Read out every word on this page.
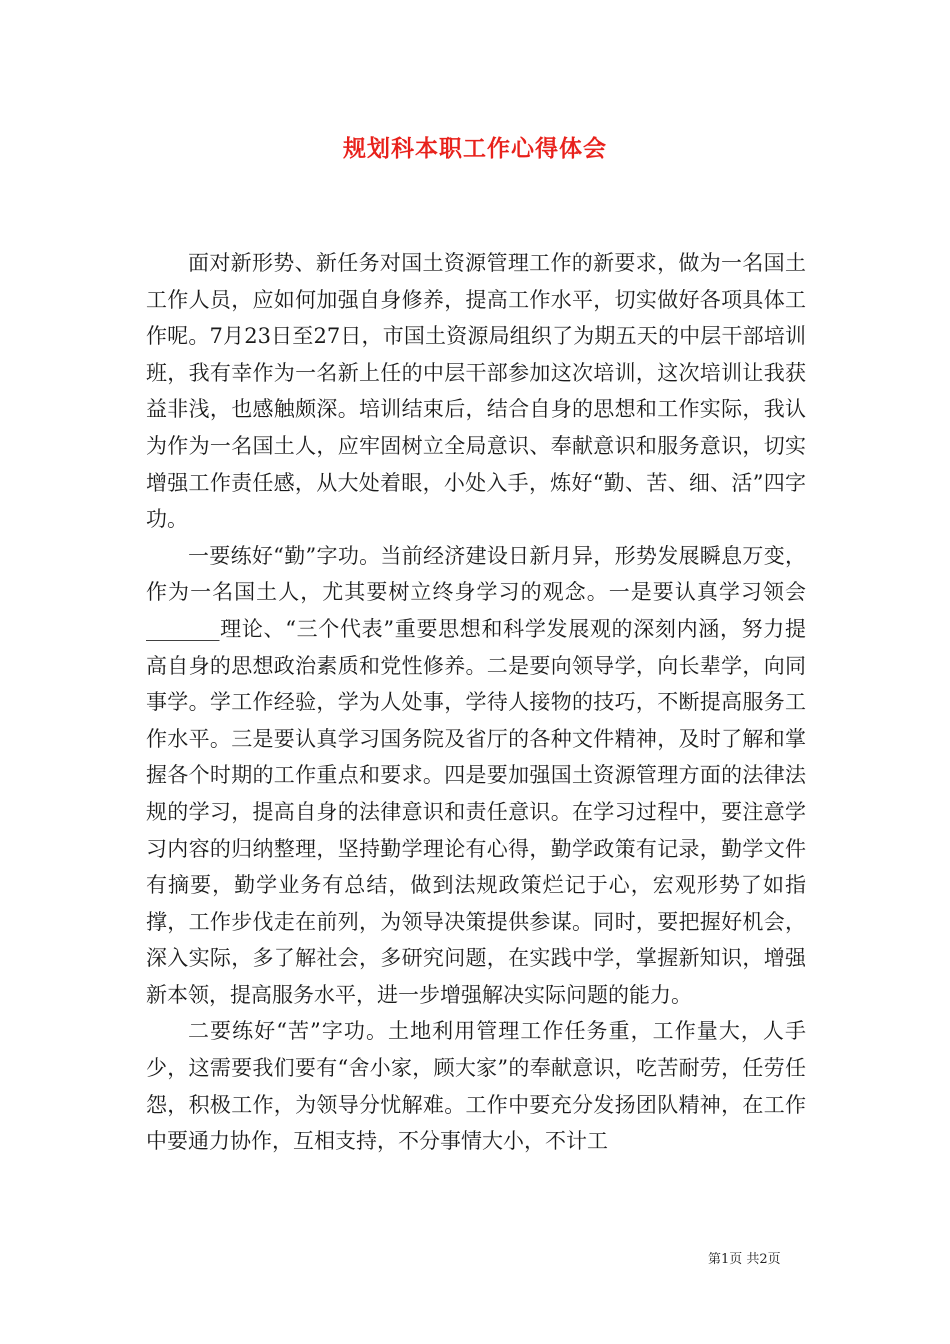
规划科本职工作心得体会

面对新形势、新任务对国土资源管理工作的新要求，做为一名国土工作人员，应如何加强自身修养，提高工作水平，切实做好各项具体工作呢。7月23日至27日，市国土资源局组织了为期五天的中层干部培训班，我有幸作为一名新上任的中层干部参加这次培训，这次培训让我获益非浅，也感触颇深。培训结束后，结合自身的思想和工作实际，我认为作为一名国土人，应牢固树立全局意识、奉献意识和服务意识，切实增强工作责任感，从大处着眼，小处入手，炼好“勤、苦、细、活”四字功。

一要练好“勤”字功。当前经济建设日新月异，形势发展瞬息万变，作为一名国土人，尤其要树立终身学习的观念。一是要认真学习领会_______理论、“三个代表”重要思想和科学发展观的深刻内涵，努力提高自身的思想政治素质和党性修养。二是要向领导学，向长辈学，向同事学。学工作经验，学为人处事，学待人接物的技巧，不断提高服务工作水平。三是要认真学习国务院及省厅的各种文件精神，及时了解和掌握各个时期的工作重点和要求。四是要加强国土资源管理方面的法律法规的学习，提高自身的法律意识和责任意识。在学习过程中，要注意学习内容的归纳整理，坚持勤学理论有心得，勤学政策有记录，勤学文件有摘要，勤学业务有总结，做到法规政策烂记于心，宏观形势了如指撑，工作步伐走在前列，为领导决策提供参谋。同时，要把握好机会，深入实际，多了解社会，多研究问题，在实践中学，掌握新知识，增强新本领，提高服务水平，进一步增强解决实际问题的能力。

二要练好“苦”字功。土地利用管理工作任务重，工作量大，人手少，这需要我们要有“舍小家，顾大家”的奉献意识，吃苦耐劳，任劳任怨，积极工作，为领导分忧解难。工作中要充分发扬团队精神，在工作中要通力协作，互相支持，不分事情大小，不计工

第1页 共2页
